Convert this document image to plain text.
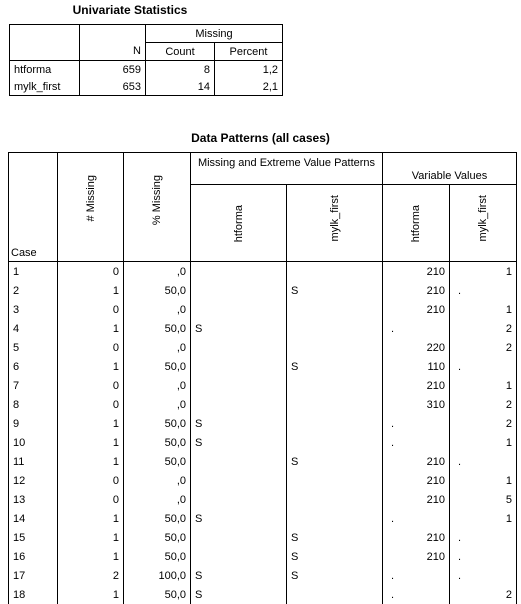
Univariate Statistics
		Missing	
	N	Count	Percent
htforma	659	8	1,2
mylk_first	653	14	2,1
Data Patterns (all cases)
Case	# Missing	% Missing	Missing and Extreme Value Patterns		Variable Values	
			htforma	mylk_first	htforma	mylk_first
1	0	,0			210	1
2	1	50,0		S	210	.
3	0	,0			210	1
4	1	50,0	S		.	2
5	0	,0			220	2
6	1	50,0		S	110	.
7	0	,0			210	1
8	0	,0			310	2
9	1	50,0	S		.	2
10	1	50,0	S		.	1
11	1	50,0		S	210	.
12	0	,0			210	1
13	0	,0			210	5
14	1	50,0	S		.	1
15	1	50,0		S	210	.
16	1	50,0		S	210	.
17	2	100,0	S	S	.	.
18	1	50,0	S		.	2
